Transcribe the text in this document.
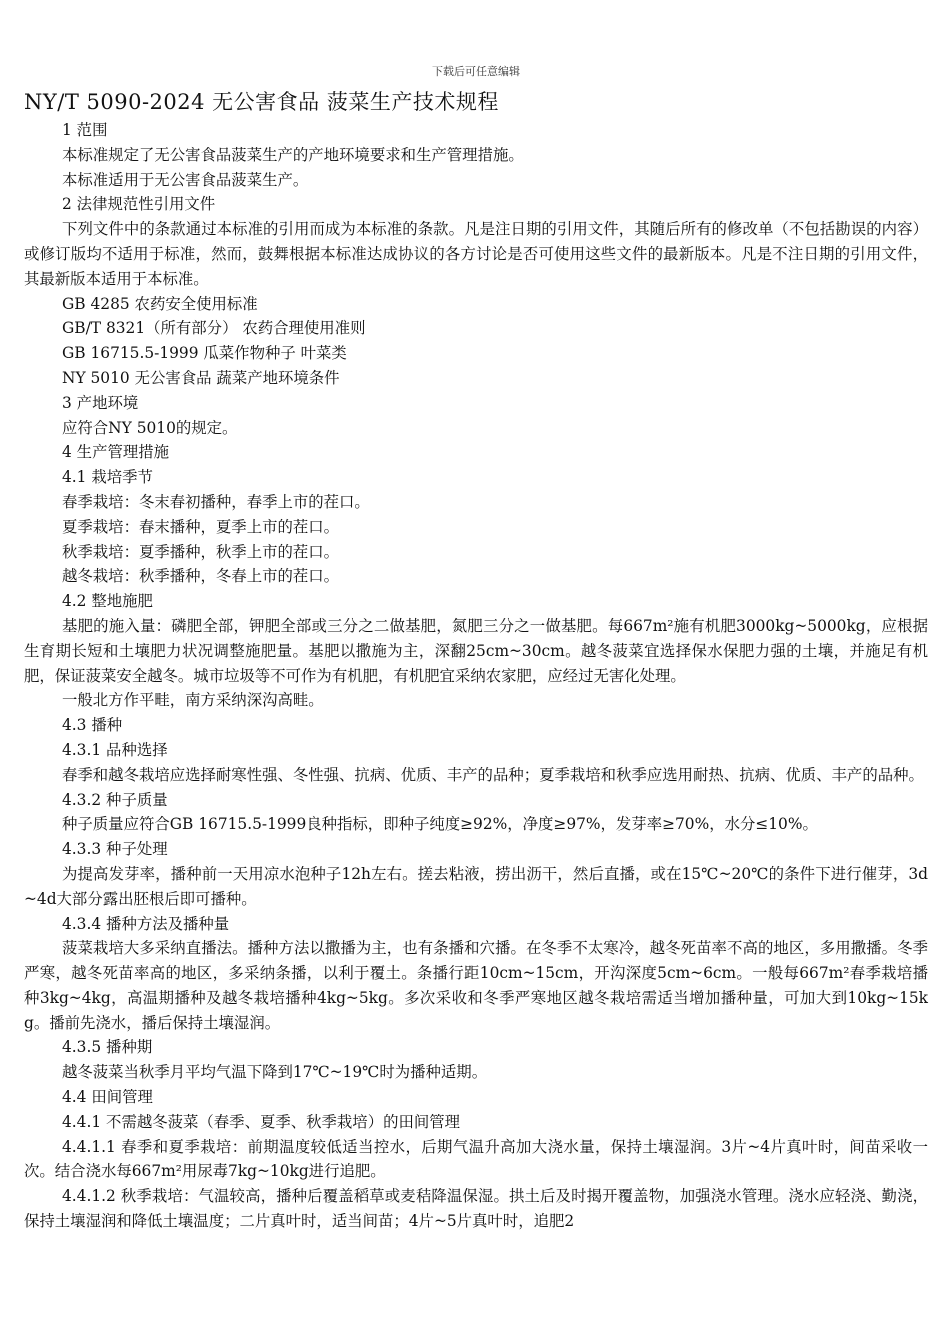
下载后可任意编辑
NY/T 5090-2024 无公害食品 菠菜生产技术规程

1 范围

本标准规定了无公害食品菠菜生产的产地环境要求和生产管理措施。

本标准适用于无公害食品菠菜生产。

2 法律规范性引用文件

下列文件中的条款通过本标准的引用而成为本标准的条款。凡是注日期的引用文件，其随后所有的修改单（不包括勘误的内容）或修订版均不适用于标准，然而，鼓舞根据本标准达成协议的各方讨论是否可使用这些文件的最新版本。凡是不注日期的引用文件，其最新版本适用于本标准。

GB 4285 农药安全使用标准

GB/T 8321（所有部分） 农药合理使用准则

GB 16715.5-1999 瓜菜作物种子 叶菜类

NY 5010 无公害食品 蔬菜产地环境条件

3 产地环境

应符合NY 5010的规定。

4 生产管理措施

4.1 栽培季节

春季栽培：冬末春初播种，春季上市的茬口。

夏季栽培：春末播种，夏季上市的茬口。

秋季栽培：夏季播种，秋季上市的茬口。

越冬栽培：秋季播种，冬春上市的茬口。

4.2 整地施肥

基肥的施入量：磷肥全部，钾肥全部或三分之二做基肥，氮肥三分之一做基肥。每667m²施有机肥3000kg~5000kg，应根据生育期长短和土壤肥力状况调整施肥量。基肥以撒施为主，深翻25cm~30cm。越冬菠菜宜选择保水保肥力强的土壤，并施足有机肥，保证菠菜安全越冬。城市垃圾等不可作为有机肥，有机肥宜采纳农家肥，应经过无害化处理。

一般北方作平畦，南方采纳深沟高畦。

4.3 播种

4.3.1 品种选择

春季和越冬栽培应选择耐寒性强、冬性强、抗病、优质、丰产的品种；夏季栽培和秋季应选用耐热、抗病、优质、丰产的品种。

4.3.2 种子质量

种子质量应符合GB 16715.5-1999良种指标，即种子纯度≥92%，净度≥97%，发芽率≥70%，水分≤10%。

4.3.3 种子处理

为提高发芽率，播种前一天用凉水泡种子12h左右。搓去粘液，捞出沥干，然后直播，或在15℃~20℃的条件下进行催芽，3d~4d大部分露出胚根后即可播种。

4.3.4 播种方法及播种量

菠菜栽培大多采纳直播法。播种方法以撒播为主，也有条播和穴播。在冬季不太寒冷，越冬死苗率不高的地区，多用撒播。冬季严寒，越冬死苗率高的地区，多采纳条播，以利于覆土。条播行距10cm~15cm，开沟深度5cm~6cm。一般每667m²春季栽培播种3kg~4kg，高温期播种及越冬栽培播种4kg~5kg。多次采收和冬季严寒地区越冬栽培需适当增加播种量，可加大到10kg~15kg。播前先浇水，播后保持土壤湿润。

4.3.5 播种期

越冬菠菜当秋季月平均气温下降到17℃~19℃时为播种适期。

4.4 田间管理

4.4.1 不需越冬菠菜（春季、夏季、秋季栽培）的田间管理

4.4.1.1 春季和夏季栽培：前期温度较低适当控水，后期气温升高加大浇水量，保持土壤湿润。3片~4片真叶时，间苗采收一次。结合浇水每667m²用尿毒7kg~10kg进行追肥。

4.4.1.2 秋季栽培：气温较高，播种后覆盖稻草或麦秸降温保湿。拱土后及时揭开覆盖物，加强浇水管理。浇水应轻浇、勤浇，保持土壤湿润和降低土壤温度；二片真叶时，适当间苗；4片~5片真叶时，追肥2
